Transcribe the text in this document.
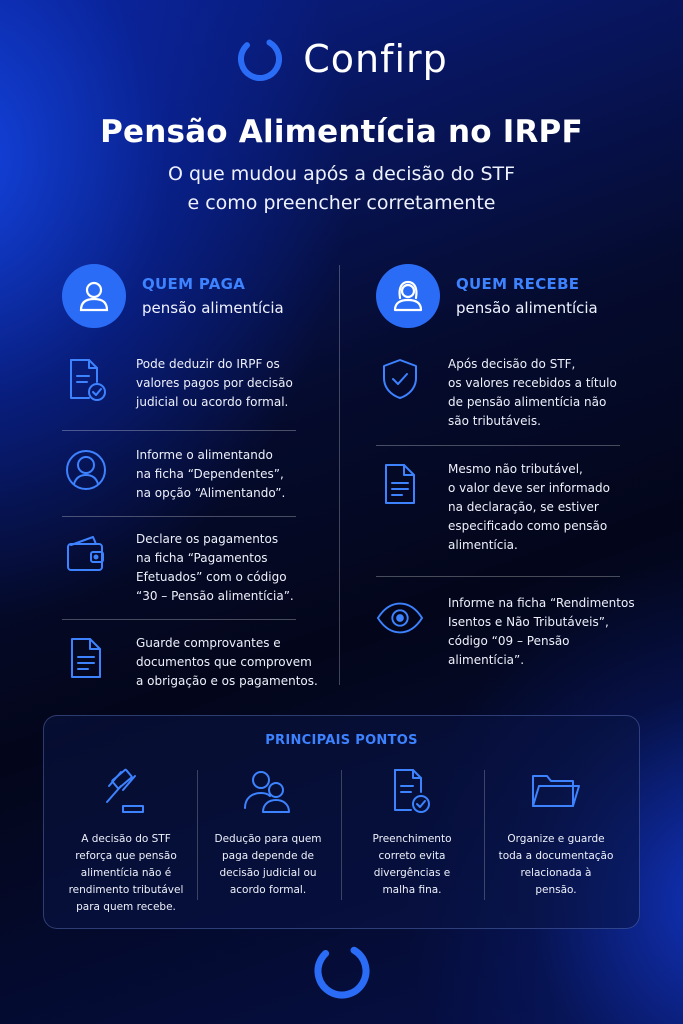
Confirp
Pensão Alimentícia no IRPF
O que mudou após a decisão do STF
e como preencher corretamente
QUEM PAGA
pensão alimentícia
QUEM RECEBE
pensão alimentícia
Pode deduzir do IRPF os
valores pagos por decisão
judicial ou acordo formal.
Informe o alimentando
na ficha “Dependentes”,
na opção “Alimentando”.
Declare os pagamentos
na ficha “Pagamentos
Efetuados” com o código
“30 – Pensão alimentícia”.
Guarde comprovantes e
documentos que comprovem
a obrigação e os pagamentos.
Após decisão do STF,
os valores recebidos a título
de pensão alimentícia não
são tributáveis.
Mesmo não tributável,
o valor deve ser informado
na declaração, se estiver
especificado como pensão
alimentícia.
Informe na ficha “Rendimentos
Isentos e Não Tributáveis”,
código “09 – Pensão
alimentícia”.
PRINCIPAIS PONTOS
A decisão do STF
reforça que pensão
alimentícia não é
rendimento tributável
para quem recebe.
Dedução para quem
paga depende de
decisão judicial ou
acordo formal.
Preenchimento
correto evita
divergências e
malha fina.
Organize e guarde
toda a documentação
relacionada à
pensão.
